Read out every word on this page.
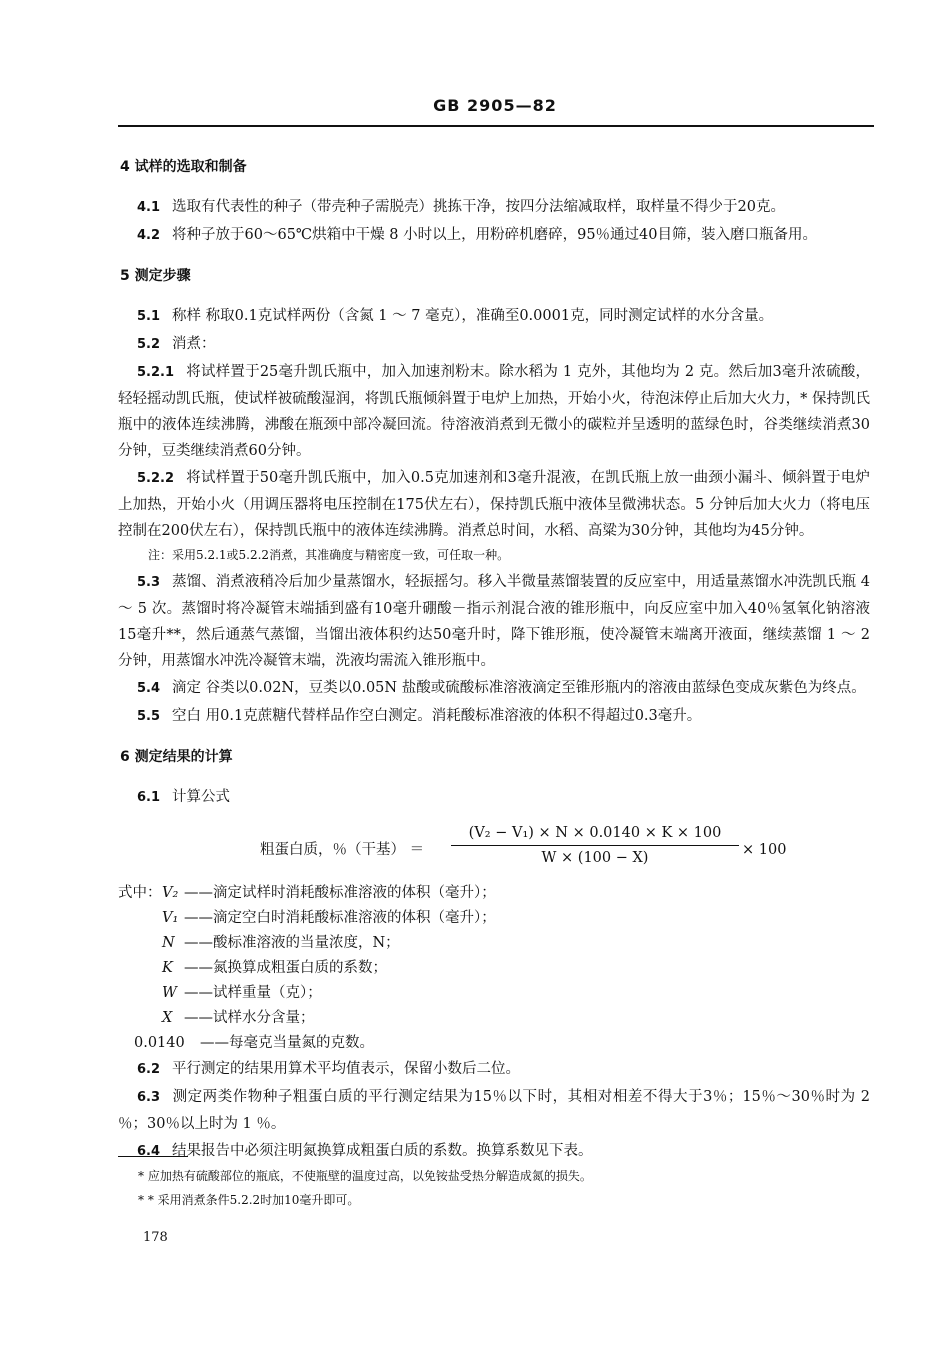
GB 2905—82
4 试样的选取和制备

4.1 选取有代表性的种子（带壳种子需脱壳）挑拣干净，按四分法缩减取样，取样量不得少于20克。

4.2 将种子放于60～65℃烘箱中干燥 8 小时以上，用粉碎机磨碎，95％通过40目筛，装入磨口瓶备用。

5 测定步骤

5.1 称样 称取0.1克试样两份（含氮 1 ～ 7 毫克），准确至0.0001克，同时测定试样的水分含量。

5.2 消煮：

5.2.1 将试样置于25毫升凯氏瓶中，加入加速剂粉末。除水稻为 1 克外，其他均为 2 克。然后加3毫升浓硫酸，轻轻摇动凯氏瓶，使试样被硫酸湿润，将凯氏瓶倾斜置于电炉上加热，开始小火，待泡沫停止后加大火力，* 保持凯氏瓶中的液体连续沸腾，沸酸在瓶颈中部冷凝回流。待溶液消煮到无微小的碳粒并呈透明的蓝绿色时，谷类继续消煮30分钟，豆类继续消煮60分钟。

5.2.2 将试样置于50毫升凯氏瓶中，加入0.5克加速剂和3毫升混液，在凯氏瓶上放一曲颈小漏斗、倾斜置于电炉上加热，开始小火（用调压器将电压控制在175伏左右），保持凯氏瓶中液体呈微沸状态。5 分钟后加大火力（将电压控制在200伏左右），保持凯氏瓶中的液体连续沸腾。消煮总时间，水稻、高粱为30分钟，其他均为45分钟。

注：采用5.2.1或5.2.2消煮，其准确度与精密度一致，可任取一种。

5.3 蒸馏、消煮液稍冷后加少量蒸馏水，轻振摇匀。移入半微量蒸馏装置的反应室中，用适量蒸馏水冲洗凯氏瓶 4 ～ 5 次。蒸馏时将冷凝管末端插到盛有10毫升硼酸－指示剂混合液的锥形瓶中，向反应室中加入40％氢氧化钠溶液15毫升**，然后通蒸气蒸馏，当馏出液体积约达50毫升时，降下锥形瓶，使冷凝管末端离开液面，继续蒸馏 1 ～ 2 分钟，用蒸馏水冲洗冷凝管末端，洗液均需流入锥形瓶中。

5.4 滴定 谷类以0.02N，豆类以0.05N 盐酸或硫酸标准溶液滴定至锥形瓶内的溶液由蓝绿色变成灰紫色为终点。

5.5 空白 用0.1克蔗糖代替样品作空白测定。消耗酸标准溶液的体积不得超过0.3毫升。

6 测定结果的计算

6.1 计算公式

粗蛋白质，％（干基） ＝ $\frac{\text{(V₂ − V₁) × N × 0.0140 × K × 100}}{W \times (100 - X)} \times 100$
式中： V₂ ——滴定试样时消耗酸标准溶液的体积（毫升）；
V₁ ——滴定空白时消耗酸标准溶液的体积（毫升）；
N ——酸标准溶液的当量浓度，N；
K ——氮换算成粗蛋白质的系数；
W ——试样重量（克）；
X ——试样水分含量；
0.0140	——每毫克当量氮的克数。

6.2 平行测定的结果用算术平均值表示，保留小数后二位。

6.3 测定两类作物种子粗蛋白质的平行测定结果为15％以下时，其相对相差不得大于3％；15％～30％时为 2 ％；30％以上时为 1 ％。

6.4 结果报告中必须注明氮换算成粗蛋白质的系数。换算系数见下表。

* 应加热有硫酸部位的瓶底，不使瓶壁的温度过高，以免铵盐受热分解造成氮的损失。
* * 采用消煮条件5.2.2时加10毫升即可。
178
